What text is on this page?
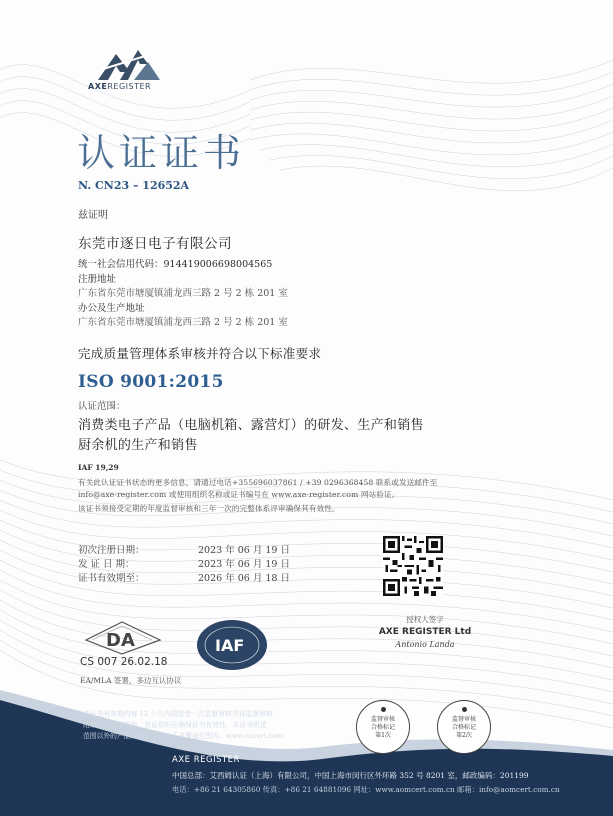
AXEREGISTER
认证证书
N. CN23 – 12652A
兹证明
东莞市逐日电子有限公司
统一社会信用代码：914419006698004565
注册地址
广东省东莞市塘厦镇浦龙西三路 2 号 2 栋 201 室
办公及生产地址
广东省东莞市塘厦镇浦龙西三路 2 号 2 栋 201 室
完成质量管理体系审核并符合以下标准要求
ISO 9001:2015
认证范围：
消费类电子产品（电脑机箱、露营灯）的研发、生产和销售
厨余机的生产和销售
IAF 19,29
有关此认证证书状态的更多信息，请通过电话+355696037861 / +39 0296368458 联系或发送邮件至
info@axe-register.com 或使用组织名称或证书编号在 www.axe-register.com 网站验证。
该证书须接受定期的年度监督审核和三年一次的完整体系评审确保其有效性。
初次注册日期：	2023 年 06 月 19 日
发 证 日 期：	2023 年 06 月 19 日
证书有效期至：	2026 年 06 月 18 日
授权人签字
AXE REGISTER Ltd
Antonio Landa
DA
CS 007 26.02.18
IAF
EA/MLA 签署，多边互认协议
本证书有效期内每 12 个月内须接受一次监督审核并将监督审核
结果报送颁证机构。获证组织应确保证书有效性，本证书所述
范围以外的产品或服务不在此证书覆盖范围内。www.cncert.com
监督审核
合格标记
第1次
监督审核
合格标记
第2次
AXE REGISTER
中国总部：艾西姆认证（上海）有限公司，中国上海市闵行区外环路 352 号 8201 室，邮政编码：201199
电话：+86 21 64305860 传真：+86 21 64881096 网址：www.aomcert.com.cn 邮箱：info@aomcert.com.cn
